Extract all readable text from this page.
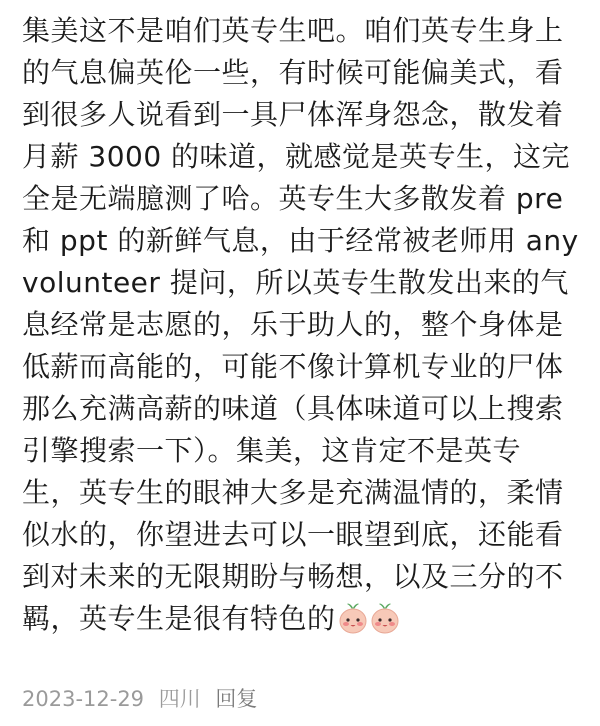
集美这不是咱们英专生吧。咱们英专生身上
的气息偏英伦一些，有时候可能偏美式，看
到很多人说看到一具尸体浑身怨念，散发着
月薪 3000 的味道，就感觉是英专生，这完
全是无端臆测了哈。英专生大多散发着 pre
和 ppt 的新鲜气息，由于经常被老师用 any
volunteer 提问，所以英专生散发出来的气
息经常是志愿的，乐于助人的，整个身体是
低薪而高能的，可能不像计算机专业的尸体
那么充满高薪的味道（具体味道可以上搜索
引擎搜索一下）。集美，这肯定不是英专
生，英专生的眼神大多是充满温情的，柔情
似水的，你望进去可以一眼望到底，还能看
到对未来的无限期盼与畅想，以及三分的不
羁，英专生是很有特色的
2023-12-29 四川 回复
